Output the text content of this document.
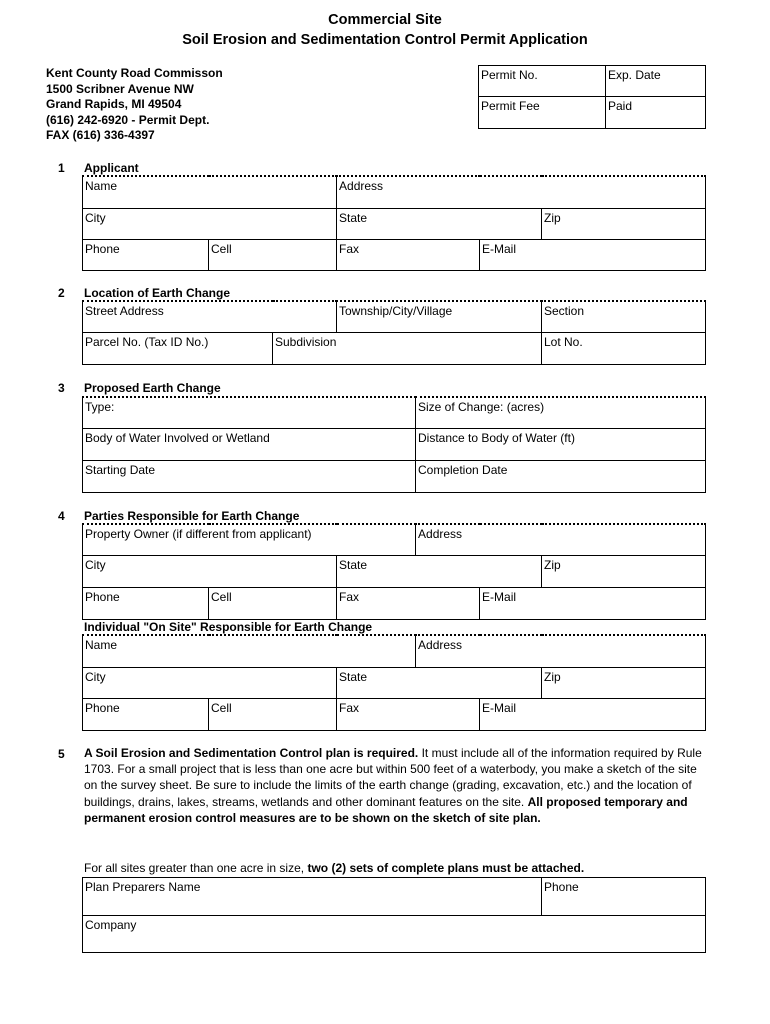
Commercial Site
Soil Erosion and Sedimentation Control Permit Application
Kent County Road Commisson
1500 Scribner Avenue NW
Grand Rapids, MI 49504
(616) 242-6920 - Permit Dept.
FAX (616) 336-4397
Permit No.	Exp. Date
Permit Fee	Paid
1 Applicant
Name		Address		
City		State		Zip
Phone	Cell	Fax	E-Mail	
2 Location of Earth Change
Street Address		Township/City/Village	Section
Parcel No. (Tax ID No.)	Subdivision		Lot No.
3 Proposed Earth Change
Type:	Size of Change: (acres)
Body of Water Involved or Wetland	Distance to Body of Water (ft)
Starting Date	Completion Date
4 Parties Responsible for Earth Change
Property Owner (if different from applicant)			Address		
City		State			Zip
Phone	Cell	Fax		E-Mail	
Individual "On Site" Responsible for Earth Change
Name			Address		
City		State			Zip
Phone	Cell	Fax		E-Mail	
5 A Soil Erosion and Sedimentation Control plan is required. It must include all of the information required by Rule 1703. For a small project that is less than one acre but within 500 feet of a waterbody, you make a sketch of the site on the survey sheet. Be sure to include the limits of the earth change (grading, excavation, etc.) and the location of buildings, drains, lakes, streams, wetlands and other dominant features on the site. All proposed temporary and permanent erosion control measures are to be shown on the sketch of site plan.
For all sites greater than one acre in size, two (2) sets of complete plans must be attached.
Plan Preparers Name	Phone
Company
